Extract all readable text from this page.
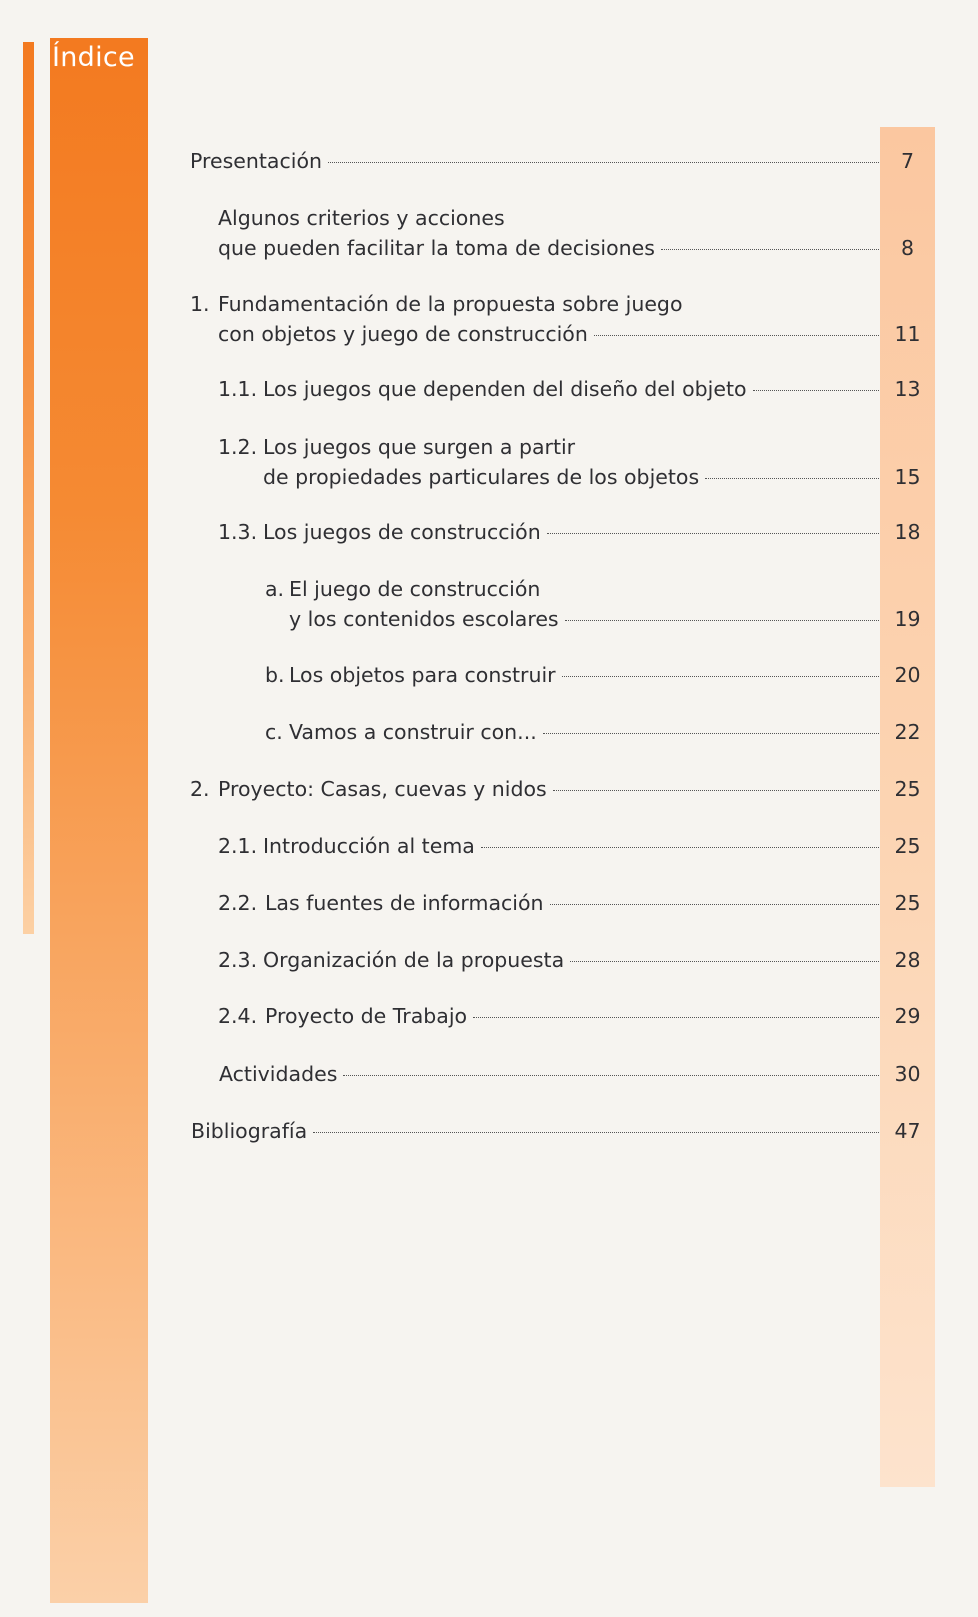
Índice
Presentación	7
Algunos criterios y acciones
que pueden facilitar la toma de decisiones	8
1. Fundamentación de la propuesta sobre juego
con objetos y juego de construcción	11
1.1. Los juegos que dependen del diseño del objeto	13
1.2. Los juegos que surgen a partir
de propiedades particulares de los objetos	15
1.3. Los juegos de construcción	18
a. El juego de construcción
y los contenidos escolares	19
b. Los objetos para construir	20
c. Vamos a construir con...	22
2. Proyecto: Casas, cuevas y nidos	25
2.1. Introducción al tema	25
2.2. Las fuentes de información	25
2.3. Organización de la propuesta	28
2.4. Proyecto de Trabajo	29
Actividades	30
Bibliografía	47
